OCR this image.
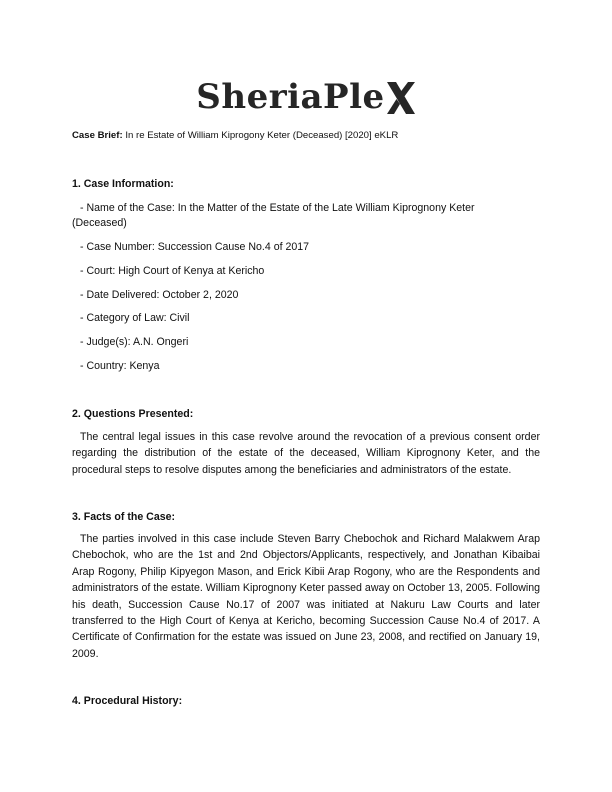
SheriaPle
Case Brief: In re Estate of William Kiprogony Keter (Deceased) [2020] eKLR
1. Case Information:
- Name of the Case: In the Matter of the Estate of the Late William Kiprognony Keter
(Deceased)
- Case Number: Succession Cause No.4 of 2017
- Court: High Court of Kenya at Kericho
- Date Delivered: October 2, 2020
- Category of Law: Civil
- Judge(s): A.N. Ongeri
- Country: Kenya
2. Questions Presented:
The central legal issues in this case revolve around the revocation of a previous consent order regarding the distribution of the estate of the deceased, William Kiprognony Keter, and the procedural steps to resolve disputes among the beneficiaries and administrators of the estate.
3. Facts of the Case:
The parties involved in this case include Steven Barry Chebochok and Richard Malakwem Arap Chebochok, who are the 1st and 2nd Objectors/Applicants, respectively, and Jonathan Kibaibai Arap Rogony, Philip Kipyegon Mason, and Erick Kibii Arap Rogony, who are the Respondents and administrators of the estate. William Kiprognony Keter passed away on October 13, 2005. Following his death, Succession Cause No.17 of 2007 was initiated at Nakuru Law Courts and later transferred to the High Court of Kenya at Kericho, becoming Succession Cause No.4 of 2017. A Certificate of Confirmation for the estate was issued on June 23, 2008, and rectified on January 19, 2009.
4. Procedural History:
